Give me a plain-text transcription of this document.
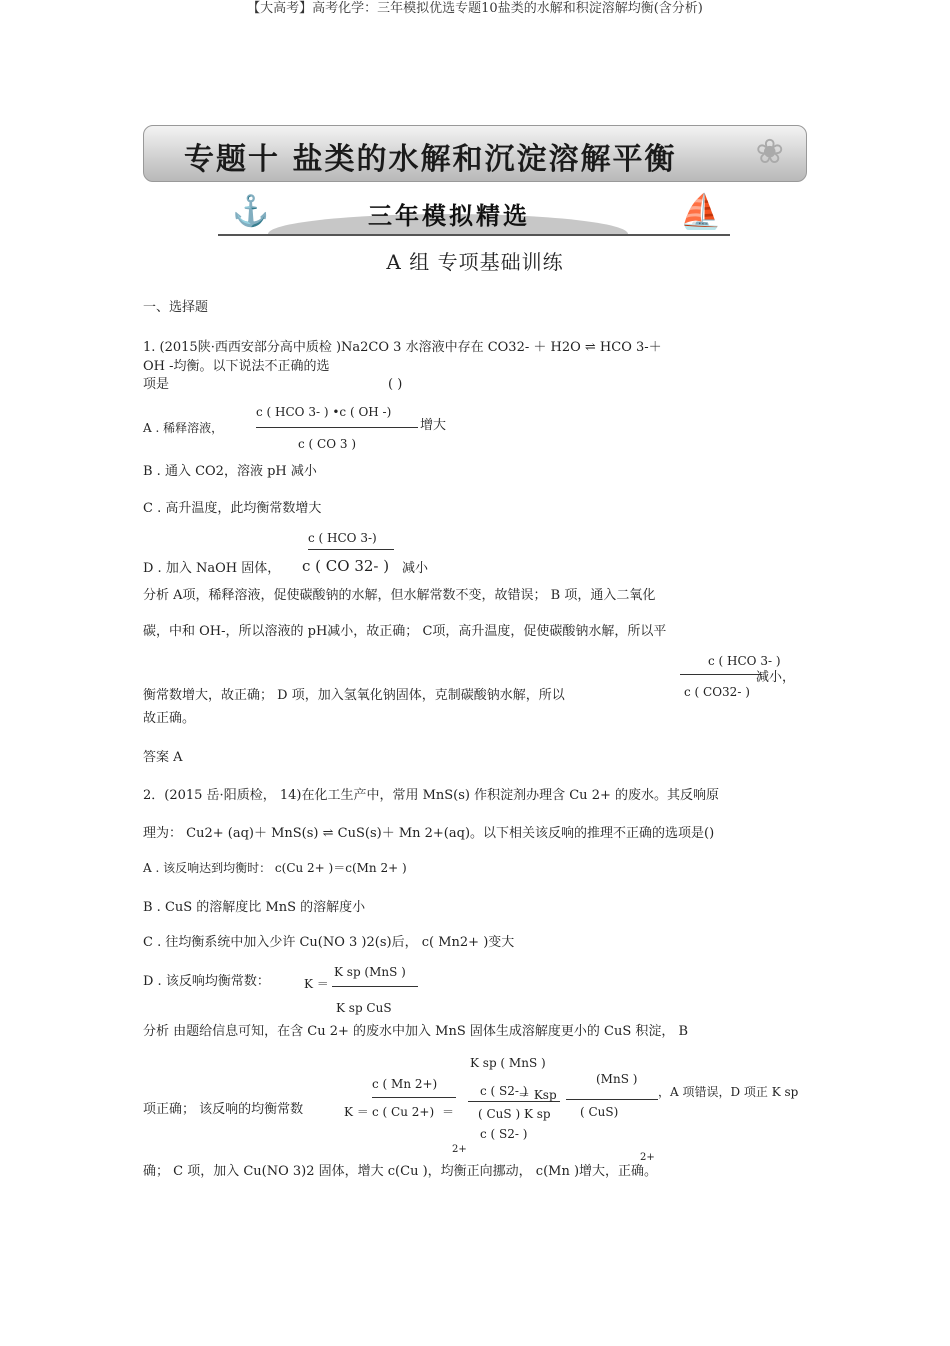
【大高考】高考化学：三年模拟优选专题10盐类的水解和积淀溶解均衡(含分析)
专题十 盐类的水解和沉淀溶解平衡 ❀
⚓	三年模拟精选	⛵
A 组 专项基础训练
一、选择题
1. (2015陕·西西安部分高中质检 )Na2CO 3 水溶液中存在 CO32- ＋ H2O ⇌ HCO 3-＋
OH -均衡。以下说法不正确的选
项是	( )
A . 稀释溶液，
c ( HCO 3- ) •c ( OH -)
c ( CO 3 )
增大
B . 通入 CO2，溶液 pH 减小
C . 高升温度，此均衡常数增大
c ( HCO 3-)
D . 加入 NaOH 固体， c ( CO 32- ) 减小
分析 A项，稀释溶液，促使碳酸钠的水解，但水解常数不变，故错误； B 项，通入二氧化
碳，中和 OH-，所以溶液的 pH减小，故正确； C项，高升温度，促使碳酸钠水解，所以平
c ( HCO 3- )
c ( CO32- )
减小，
衡常数增大，故正确； D 项，加入氢氧化钠固体，克制碳酸钠水解，所以
故正确。
答案 A
2．(2015 岳·阳质检， 14)在化工生产中，常用 MnS(s) 作积淀剂办理含 Cu 2+ 的废水。其反响原
理为： Cu2+ (aq)＋ MnS(s) ⇌ CuS(s)＋ Mn 2+(aq)。以下相关该反响的推理不正确的选项是()
A . 该反响达到均衡时： c(Cu 2+ )＝c(Mn 2+ )
B . CuS 的溶解度比 MnS 的溶解度小
C . 往均衡系统中加入少许 Cu(NO 3 )2(s)后， c( Mn2+ )变大
D . 该反响均衡常数：	K ＝
K sp (MnS )
K sp CuS
分析 由题给信息可知，在含 Cu 2+ 的废水中加入 MnS 固体生成溶解度更小的 CuS 积淀， B
K sp ( MnS )
c ( Mn 2+)	c ( S2- )
(MnS )
项正确； 该反响的均衡常数	K ＝ c ( Cu 2+) ＝
＝ Ksp
( CuS)
，A 项错误，D 项正 K sp
( CuS ) K sp
c ( S2- )
2+
2+
确； C 项，加入 Cu(NO 3)2 固体，增大 c(Cu )，均衡正向挪动， c(Mn )增大，正确。
